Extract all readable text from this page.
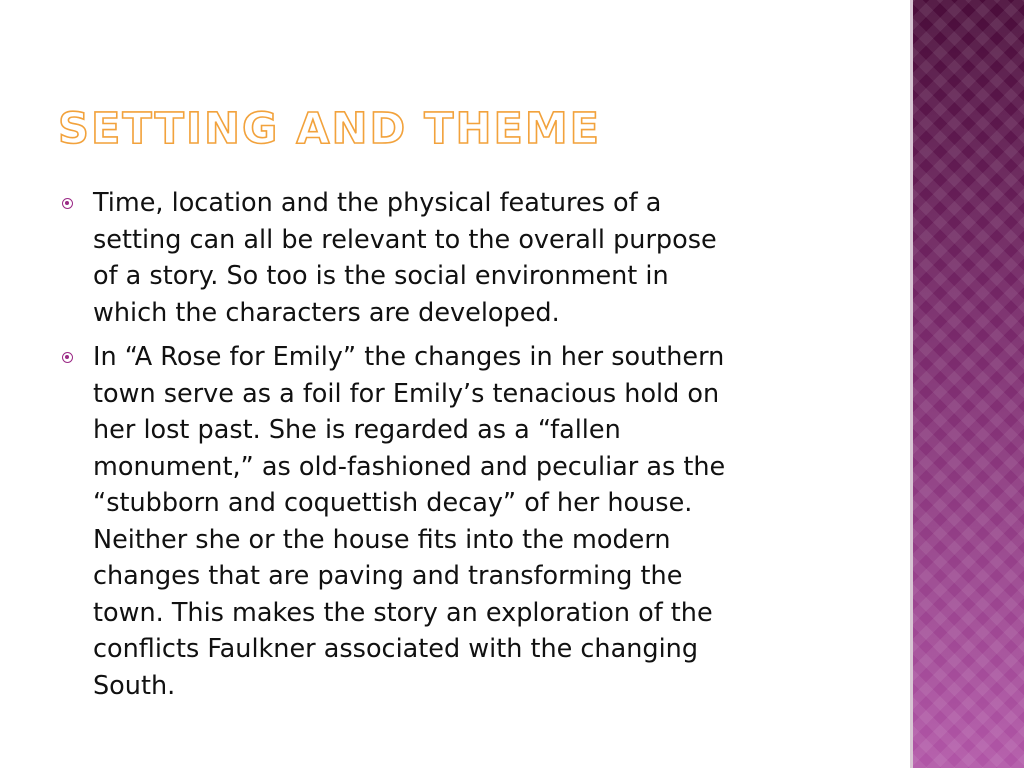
SETTING AND THEME
Time, location and the physical features of a
setting can all be relevant to the overall purpose
of a story. So too is the social environment in
which the characters are developed.
In “A Rose for Emily” the changes in her southern
town serve as a foil for Emily’s tenacious hold on
her lost past. She is regarded as a “fallen
monument,” as old-fashioned and peculiar as the
“stubborn and coquettish decay” of her house.
Neither she or the house fits into the modern
changes that are paving and transforming the
town. This makes the story an exploration of the
conflicts Faulkner associated with the changing
South.
